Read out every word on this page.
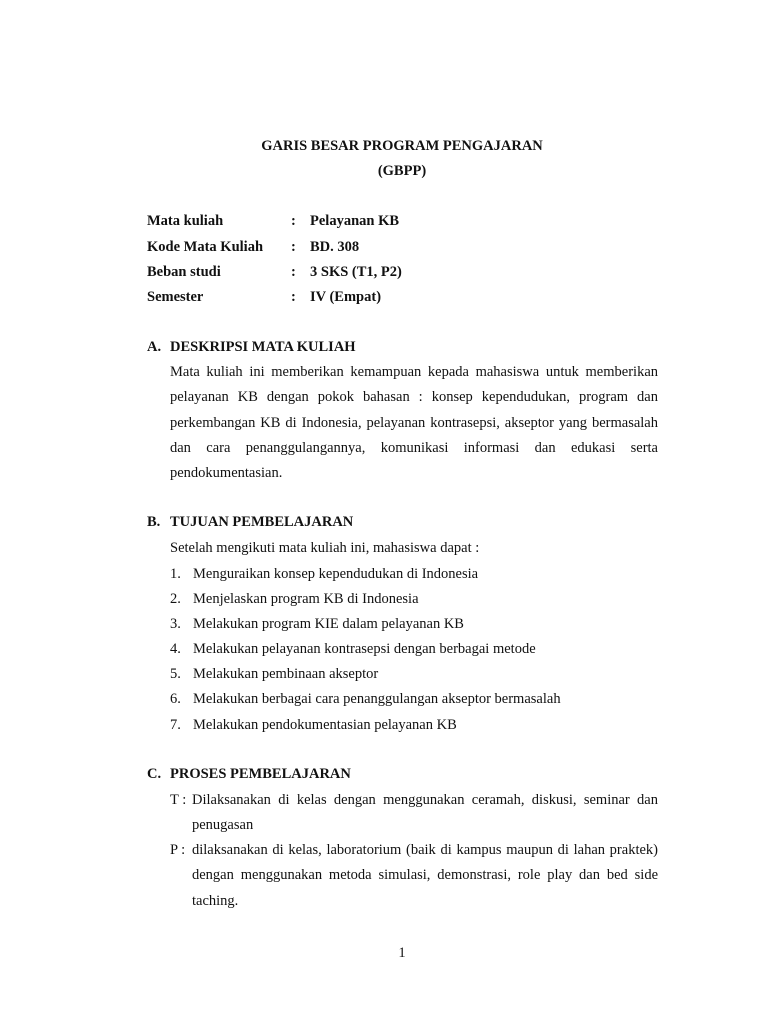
GARIS BESAR PROGRAM PENGAJARAN
(GBPP)
Mata kuliah	: Pelayanan KB
Kode Mata Kuliah : BD. 308
Beban studi	: 3 SKS (T1, P2)
Semester	: IV (Empat)
A. DESKRIPSI MATA KULIAH
Mata kuliah ini memberikan kemampuan kepada mahasiswa untuk memberikan pelayanan KB dengan pokok bahasan : konsep kependudukan, program dan perkembangan KB di Indonesia, pelayanan kontrasepsi, akseptor yang bermasalah dan cara penanggulangannya, komunikasi informasi dan edukasi serta pendokumentasian.
B. TUJUAN PEMBELAJARAN
Setelah mengikuti mata kuliah ini, mahasiswa dapat :
1. Menguraikan konsep kependudukan di Indonesia
2. Menjelaskan program KB di Indonesia
3. Melakukan program KIE dalam pelayanan KB
4. Melakukan pelayanan kontrasepsi dengan berbagai metode
5. Melakukan pembinaan akseptor
6. Melakukan berbagai cara penanggulangan akseptor bermasalah
7. Melakukan pendokumentasian pelayanan KB
C. PROSES PEMBELAJARAN
T : Dilaksanakan di kelas dengan menggunakan ceramah, diskusi, seminar dan penugasan
P : dilaksanakan di kelas, laboratorium (baik di kampus maupun di lahan praktek) dengan menggunakan metoda simulasi, demonstrasi, role play dan bed side taching.
1
